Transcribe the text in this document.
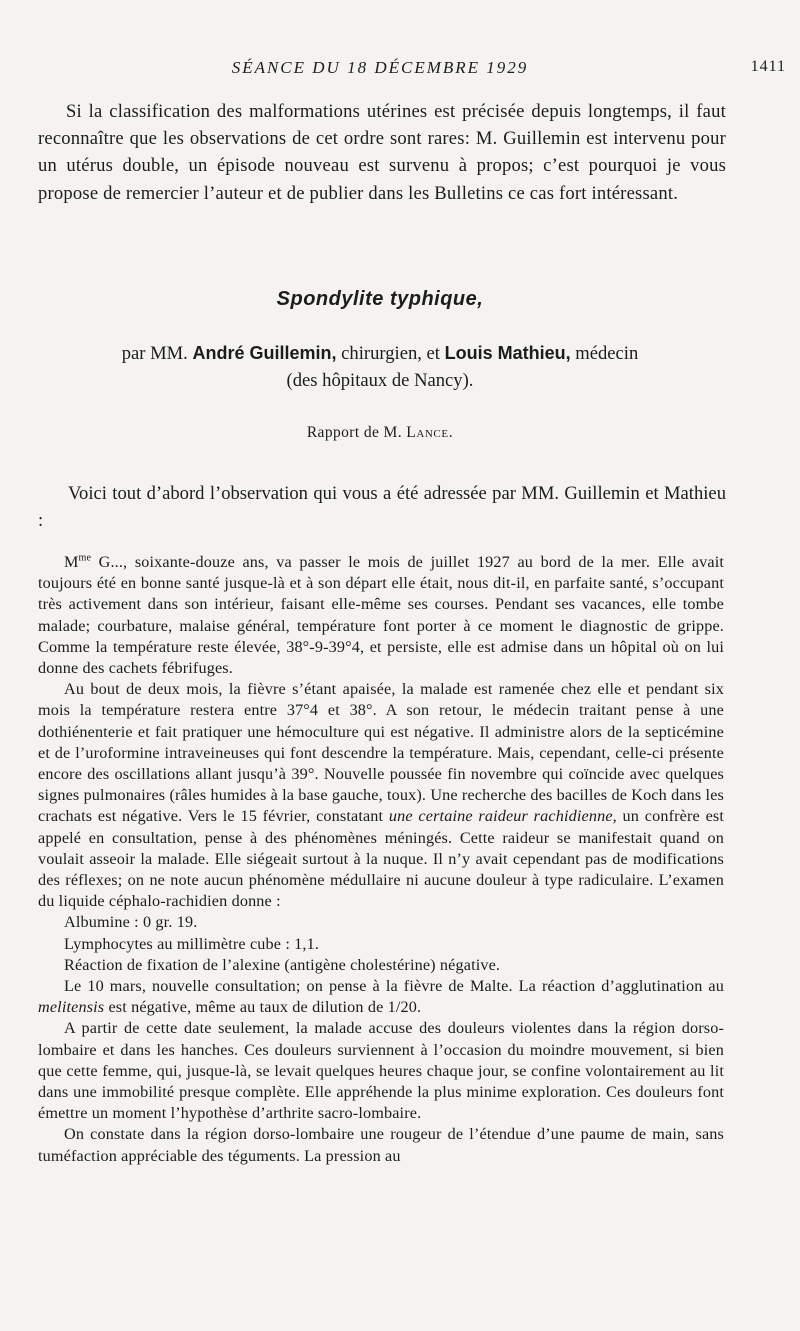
SÉANCE DU 18 DÉCEMBRE 1929	1411

Si la classification des malformations utérines est précisée depuis longtemps, il faut reconnaître que les observations de cet ordre sont rares: M. Guillemin est intervenu pour un utérus double, un épisode nouveau est survenu à propos; c’est pourquoi je vous propose de remercier l’auteur et de publier dans les Bulletins ce cas fort intéressant.

Spondylite typhique,
par MM. André Guillemin, chirurgien, et Louis Mathieu, médecin
(des hôpitaux de Nancy).
Rapport de M. Lance.

Voici tout d’abord l’observation qui vous a été adressée par MM. Guillemin et Mathieu :

$M^{me}$ G..., soixante-douze ans, va passer le mois de juillet 1927 au bord de la mer. Elle avait toujours été en bonne santé jusque-là et à son départ elle était, nous dit-il, en parfaite santé, s’occupant très activement dans son intérieur, faisant elle-même ses courses. Pendant ses vacances, elle tombe malade; courbature, malaise général, température font porter à ce moment le diagnostic de grippe. Comme la température reste élevée, 38°-9-39°4, et persiste, elle est admise dans un hôpital où on lui donne des cachets fébrifuges.

Au bout de deux mois, la fièvre s’étant apaisée, la malade est ramenée chez elle et pendant six mois la température restera entre 37°4 et 38°. A son retour, le médecin traitant pense à une dothiénenterie et fait pratiquer une hémoculture qui est négative. Il administre alors de la septicémine et de l’uroformine intraveineuses qui font descendre la température. Mais, cependant, celle-ci présente encore des oscillations allant jusqu’à 39°. Nouvelle poussée fin novembre qui coïncide avec quelques signes pulmonaires (râles humides à la base gauche, toux). Une recherche des bacilles de Koch dans les crachats est négative. Vers le 15 février, constatant une certaine raideur rachidienne, un confrère est appelé en consultation, pense à des phénomènes méningés. Cette raideur se manifestait quand on voulait asseoir la malade. Elle siégeait surtout à la nuque. Il n’y avait cependant pas de modifications des réflexes; on ne note aucun phénomène médullaire ni aucune douleur à type radiculaire. L’examen du liquide céphalo-rachidien donne :

Albumine : 0 gr. 19.

Lymphocytes au millimètre cube : 1,1.

Réaction de fixation de l’alexine (antigène cholestérine) négative.

Le 10 mars, nouvelle consultation; on pense à la fièvre de Malte. La réaction d’agglutination au melitensis est négative, même au taux de dilution de 1/20.

A partir de cette date seulement, la malade accuse des douleurs violentes dans la région dorso-lombaire et dans les hanches. Ces douleurs surviennent à l’occasion du moindre mouvement, si bien que cette femme, qui, jusque-là, se levait quelques heures chaque jour, se confine volontairement au lit dans une immobilité presque complète. Elle appréhende la plus minime exploration. Ces douleurs font émettre un moment l’hypothèse d’arthrite sacro-lombaire.

On constate dans la région dorso-lombaire une rougeur de l’étendue d’une paume de main, sans tuméfaction appréciable des téguments. La pression au
